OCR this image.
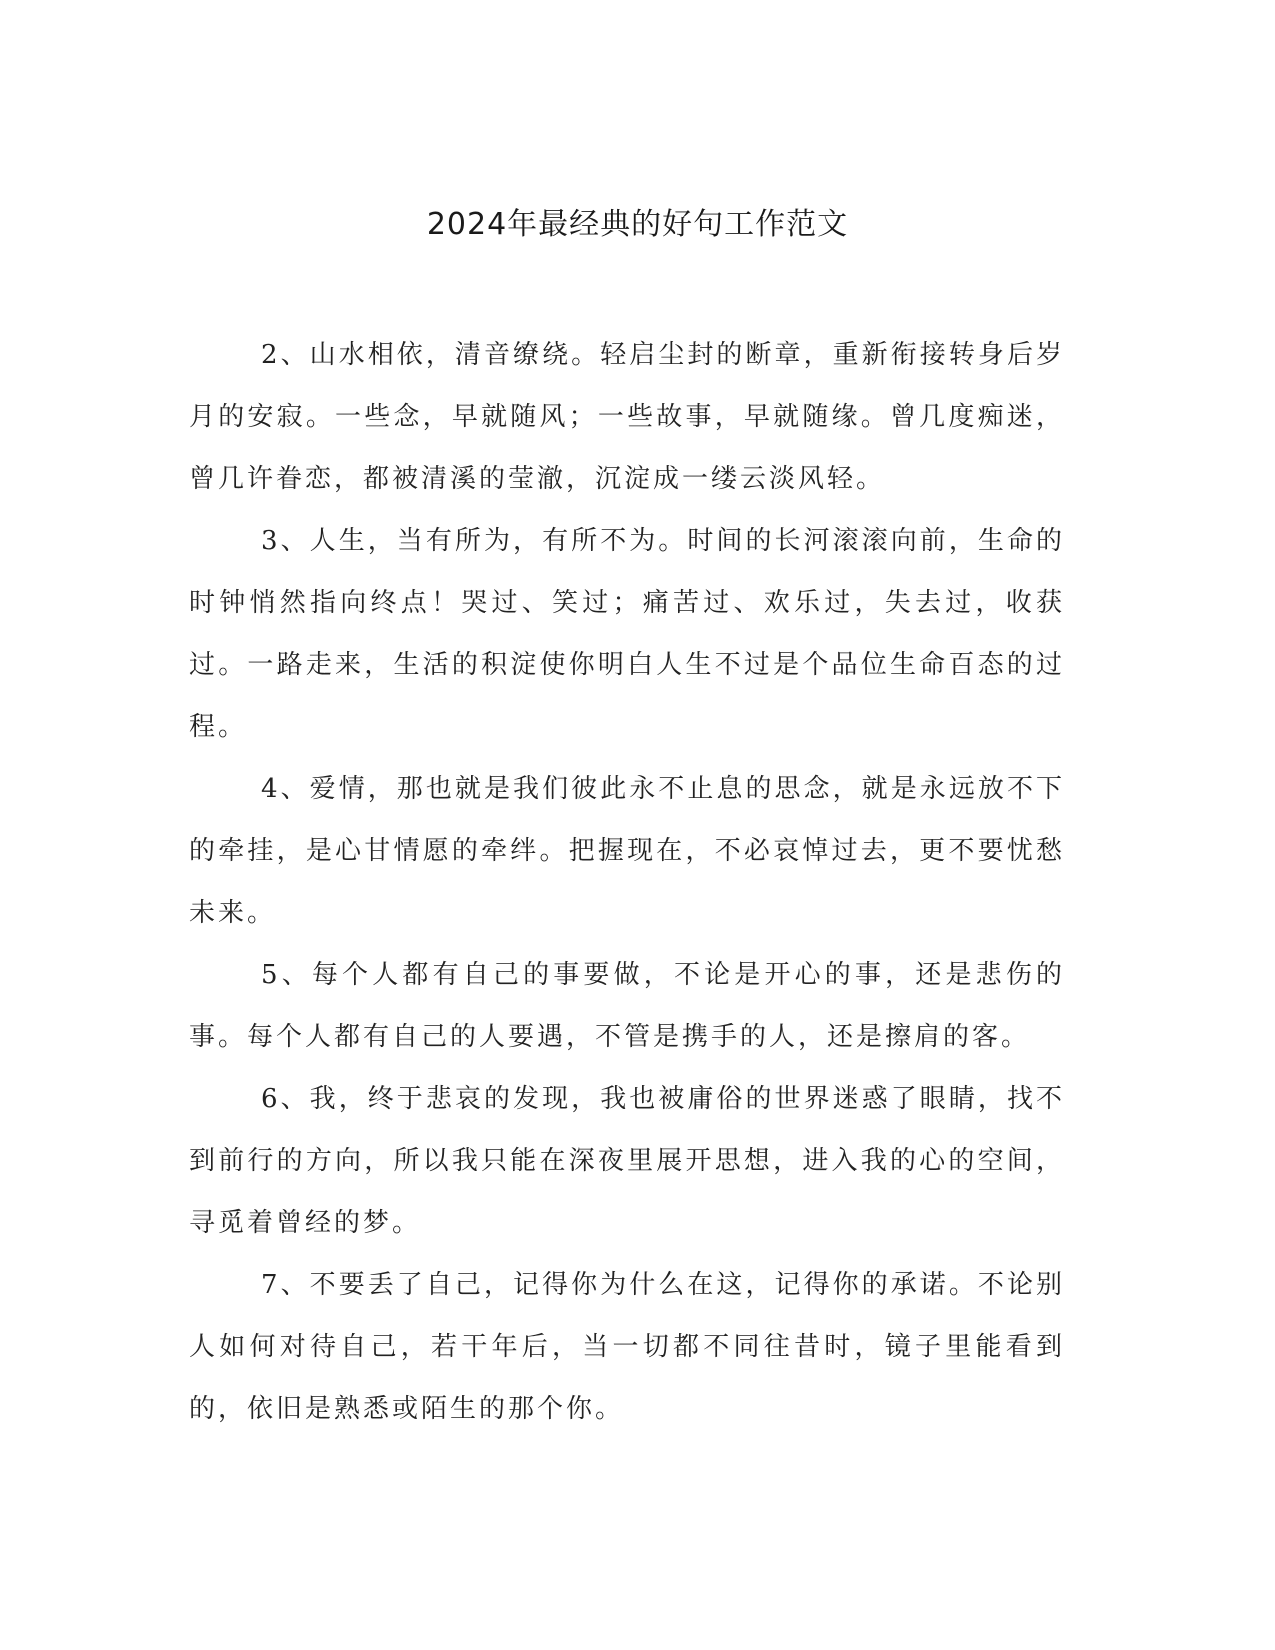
2024年最经典的好句工作范文

2、山水相依，清音缭绕。轻启尘封的断章，重新衔接转身后岁月的安寂。一些念，早就随风；一些故事，早就随缘。曾几度痴迷，曾几许眷恋，都被清溪的莹澈，沉淀成一缕云淡风轻。

3、人生，当有所为，有所不为。时间的长河滚滚向前，生命的时钟悄然指向终点！哭过、笑过；痛苦过、欢乐过，失去过，收获过。一路走来，生活的积淀使你明白人生不过是个品位生命百态的过程。

4、爱情，那也就是我们彼此永不止息的思念，就是永远放不下的牵挂，是心甘情愿的牵绊。把握现在，不必哀悼过去，更不要忧愁未来。

5、每个人都有自己的事要做，不论是开心的事，还是悲伤的事。每个人都有自己的人要遇，不管是携手的人，还是擦肩的客。

6、我，终于悲哀的发现，我也被庸俗的世界迷惑了眼睛，找不到前行的方向，所以我只能在深夜里展开思想，进入我的心的空间，寻觅着曾经的梦。

7、不要丢了自己，记得你为什么在这，记得你的承诺。不论别人如何对待自己，若干年后，当一切都不同往昔时，镜子里能看到的，依旧是熟悉或陌生的那个你。
